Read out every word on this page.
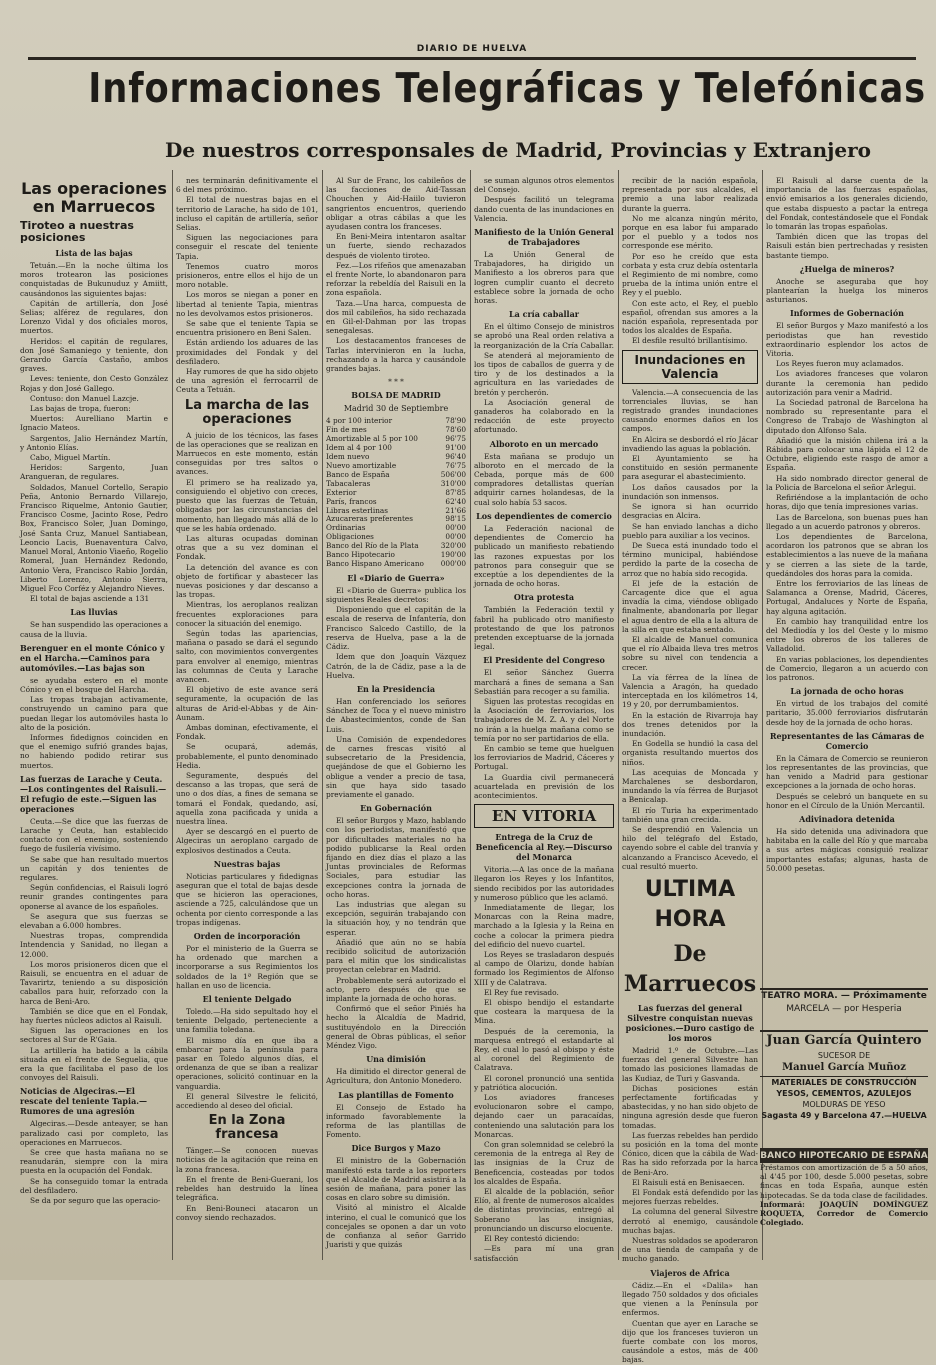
DIARIO DE HUELVA
Informaciones Telegráficas y Telefónicas
De nuestros corresponsales de Madrid, Provincias y Extranjero
Las operaciones en Marruecos
Tiroteo a nuestras posiciones
Lista de las bajas

Tetuán.—En la noche última los moros trotearon las posiciones conquistadas de Bukunuduz y Amiitt, causándonos las siguientes bajas:

Capitán de artillería, don José Selias; alférez de regulares, don Lorenzo Vidal y dos oficiales moros, muertos.

Heridos: el capitán de regulares, don José Samaniego y teniente, don Gerardo García Castaño, ambos graves.

Leves: teniente, don Cesto González Rojas y don José Gallego.

Contuso: don Manuel Lazcje.

Las bajas de tropa, fueron:

Muertos: Aurelliano Martin e Ignacio Mateos.

Sargentos, Jalio Hernández Martín, y Antonio Elías.

Cabo, Miguel Martín.

Heridos: Sargento, Juan Arangueran, de regulares.

Soldados, Manuel Cortello, Serapio Peña, Antonio Bernardo Villarejo, Francisco Riquelme, Antonio Gautier, Francisco Cosme, Jacinto Rose, Pedro Box, Francisco Soler, Juan Domingo, José Santa Cruz, Manuel Santiabean, Leoncio Lacis, Buenaventura Calvo, Manuel Moral, Antonio Viaeño, Rogelio Romeral, Juan Hernández Redondo, Antonio Vera, Francisco Rabio Jordán, Liberto Lorenzo, Antonio Sierra, Miguel Fco Corféz y Alejandro Nieves.

El total de bajas asciende a 131

Las lluvias

Se han suspendido las operaciones a causa de la lluvia.

Berenguer en el monte Cónico y en el Harcha.—Caminos para automóviles.—Las bajas son

se ayudaba estero en el monte Cónico y en el bosque del Harcha.

Las tropas trabajan activamente, construyendo un camino para que puedan llegar los automóviles hasta lo alto de la posición.

Informes fidedignos coinciden en que el enemigo sufrió grandes bajas, no habiendo podido retirar sus muertos.

Las fuerzas de Larache y Ceuta.—Los contingentes del Raisuli.—El refugio de este.—Siguen las operaciones

Ceuta.—Se dice que las fuerzas de Larache y Ceuta, han establecido contacto con el enemigo, sosteniendo fuego de fusilería vivísimo.

Se sabe que han resultado muertos un capitán y dos tenientes de regulares.

Según confidencias, el Raisuli logró reunir grandes contingentes para oponerse al avance de los españoles.

Se asegura que sus fuerzas se elevaban a 6.000 hombres.

Nuestras tropas, comprendida Intendencia y Sanidad, no llegan a 12.000.

Los moros prisioneros dicen que el Raisuli, se encuentra en el aduar de Tavarirtz, teniendo a su disposición caballos para huir, reforzado con la harca de Beni-Aro.

También se dice que en el Fondak, hay fuertes núcleos adictos al Raisuli.

Siguen las operaciones en los sectores al Sur de R'Gaia.

La artillería ha batido a la cábila situada en el frente de Seguelia, que era la que facilitaba el paso de los convoyes del Raisuli.

Noticias de Algeciras.—El rescate del teniente Tapia.—Rumores de una agresión

Algeciras.—Desde anteayer, se han paralizado casi por completo, las operaciones en Marruecos.

Se cree que hasta mañana no se reanudarán, siempre con la mira puesta en la ocupación del Fondak.

Se ha conseguido tomar la entrada del desfiladero.

Se da por seguro que las operacio-

nes terminarán definitivamente el 6 del mes próximo.

El total de nuestras bajas en el territorio de Larache, ha sido de 101, incluso el capitán de artillería, señor Selias.

Siguen las negociaciones para conseguir el rescate del teniente Tapia.

Tenemos cuatro moros prisioneros, entre ellos el hijo de un moro notable.

Los moros se niegan a poner en libertad al teniente Tapia, mientras no les devolvamos estos prisioneros.

Se sabe que el teniente Tapia se encuentra prisionero en Beni Salen.

Están ardiendo los aduares de las proximidades del Fondak y del desfiladero.

Hay rumores de que ha sido objeto de una agresión el ferrocarril de Ceuta a Tetuán.

La marcha de las operaciones

A juicio de los técnicos, las fases de las operaciones que se realizan en Marruecos en este momento, están conseguidas por tres saltos o avances.

El primero se ha realizado ya, consiguiendo el objetivo con creces, puesto que las fuerzas de Tetuán, obligadas por las circunstancias del momento, han llegado más allá de lo que se les había ordenado.

Las alturas ocupadas dominan otras que a su vez dominan el Fondak.

La detención del avance es con objeto de fortificar y abastecer las nuevas posiciones y dar descanso a las tropas.

Mientras, los aeroplanos realizan frecuentes exploraciones para conocer la situación del enemigo.

Según todas las apariencias, mañana o pasado se dará el segundo salto, con movimientos convergentes para envolver al enemigo, mientras las columnas de Ceuta y Larache avancen.

El objetivo de este avance será seguramente, la ocupación de las alturas de Arid-el-Abbas y de Ain-Aunam.

Ambas dominan, efectivamente, el Fondak.

Se ocupará, además, probablemente, el punto denominado Hedia.

Seguramente, después del descanso a las tropas, que será de uno o dos días, a fines de semana se tomará el Fondak, quedando, así, aquella zona pacificada y unida a nuestra línea.

Ayer se descargó en el puerto de Algeciras un aeroplano cargado de explosivos destinados a Ceuta.

Nuestras bajas

Noticias particulares y fidedignas aseguran que el total de bajas desde que se hicieron las operaciones, asciende a 725, calculándose que un ochenta por ciento corresponde a las tropas indígenas.

Orden de incorporación

Por el ministerio de la Guerra se ha ordenado que marchen a incorporarse a sus Regimientos los soldados de la 1ª Región que se hallan en uso de licencia.

El teniente Delgado

Toledo.—Ha sido sepultado hoy el teniente Delgado, perteneciente a una familia toledana.

El mismo día en que iba a embarcar para la península para pasar en Toledo algunos días, el ordenanza de que se iban a realizar operaciones, solicitó continuar en la vanguardia.

El general Silvestre le felicitó, accediendo al deseo del oficial.

En la Zona francesa

Tánger.—Se conocen nuevas noticias de la agitación que reina en la zona francesa.

En el frente de Beni-Guerani, los rebeldes han destruido la línea telegráfica.

En Beni-Bouneci atacaron un convoy siendo rechazados.

Al Sur de Franc, los cabileños de las facciones de Aid-Tassan Chouchen y Aid-Haiilo tuvieron sangrientos encuentros, queriendo obligar a otras cábilas a que les ayudasen contra los franceses.

En Beni-Meira intentaron asaltar un fuerte, siendo rechazados después de violento tiroteo.

Fez.—Los rifeños que amenazaban el frente Norte, lo abandonaron para reforzar la rebeldía del Raisuli en la zona española.

Taza.—Una harca, compuesta de dos mil cabileños, ha sido rechazada en Gil-el-Dahman por las tropas senegalesas.

Los destacamentos franceses de Tarlas intervinieron en la lucha, rechazando a la harca y causándole grandes bajas.

* * *
BOLSA DE MADRID
Madrid 30 de Septiembre
4 por 100 interior	78'90
Fin de mes	78'60
Amortizable al 5 por 100	96'75
Idem al 4 por 100	91'00
Idem nuevo	96'40
Nuevo amortizable	76'75
Banco de España	506'00
Tabacaleras	310'00
Exterior	87'85
París, francos	62'40
Libras esterlinas	21'66
Azucareras preferentes	98'15
Ordinarias	00'00
Obligaciones	00'00
Banco del Río de la Plata	320'00
Banco Hipotecario	190'00
Banco Hispano Americano 000'00
El «Diario de Guerra»

El «Diario de Guerra» publica los siguientes Reales decretos:

Disponiendo que el capitán de la escala de reserva de Infantería, don Francisco Salcedo Castillo, de la reserva de Huelva, pase a la de Cádiz.

Idem que don Joaquín Vázquez Catrón, de la de Cádiz, pase a la de Huelva.

En la Presidencia

Han conferenciado los señores Sánchez de Toca y el nuevo ministro de Abastecimientos, conde de San Luis.

Una Comisión de expendedores de carnes frescas visitó al subsecretario de la Presidencia, quejándose de que el Gobierno les obligue a vender a precio de tasa, sin que haya sido tasado previamente el ganado.

En Gobernación

El señor Burgos y Mazo, hablando con los periodistas, manifestó que por dificultades materiales no ha podido publicarse la Real orden fijando en diez días el plazo a las Juntas provinciales de Reformas Sociales, para estudiar las excepciones contra la jornada de ocho horas.

Las industrias que alegan su excepción, seguirán trabajando con la situación hoy, y no tendrán que esperar.

Añadió que aún no se había recibido solicitud de autorización para el mitin que los sindicalistas proyectan celebrar en Madrid.

Probablemente será autorizado el acto, pero después de que se implante la jornada de ocho horas.

Confirmó que el señor Piniés ha hecho la Alcaldía de Madrid, sustituyéndolo en la Dirección general de Obras públicas, el señor Méndez Vigo.

Una dimisión

Ha dimitido el director general de Agricultura, don Antonio Monedero.

Las plantillas de Fomento

El Consejo de Estado ha informado favorablemente la reforma de las plantillas de Fomento.

Dice Burgos y Mazo

El ministro de la Gobernación manifestó esta tarde a los reporters que el Alcalde de Madrid asistirá a la sesión de mañana, para poner las cosas en claro sobre su dimisión.

Visitó al ministro el Alcalde interino, el cual le comunicó que los concejales se oponen a dar un voto de confianza al señor Garrido Juaristi y que quizás

se suman algunos otros elementos del Consejo.

Después facilitó un telegrama dando cuenta de las inundaciones en Valencia.

Manifiesto de la Unión General de Trabajadores

La Unión General de Trabajadores, ha dirigido un Manifiesto a los obreros para que logren cumplir cuanto el decreto establece sobre la jornada de ocho horas.

La cría caballar

En el último Consejo de ministros se aprobó una Real orden relativa a la reorganización de la Cría Caballar.

Se atenderá al mejoramiento de los tipos de caballos de guerra y de tiro y de los destinados a la agricultura en las variedades de bretón y percherón.

La Asociación general de ganaderos ha colaborado en la redacción de este proyecto afortunado.

Alboroto en un mercado

Esta mañana se produjo un alboroto en el mercado de la Cebada, porque más de 600 compradores detallistas querían adquirir carnes holandesas, de la cual solo había 53 sacos.

Los dependientes de comercio

La Federación nacional de dependientes de Comercio ha publicado un manifiesto rebatiendo las razones expuestas por los patronos para conseguir que se exceptúe a los dependientes de la jornada de ocho horas.

Otra protesta

También la Federación textil y fabril ha publicado otro manifiesto protestando de que los patronos pretenden exceptuarse de la jornada legal.

El Presidente del Congreso

El señor Sánchez Guerra marchará a fines de semana a San Sebastián para recoger a su familia.

Siguen las protestas recogidas en la Asociación de ferroviarios, los trabajadores de M. Z. A. y del Norte no irán a la huelga mañana como se temía por no ser partidarios de ella.

En cambio se teme que huelguen los ferroviarios de Madrid, Cáceres y Portugal.

La Guardia civil permanecerá acuartelada en previsión de los acontecimientos.

EN VITORIA
Entrega de la Cruz de Beneficencia al Rey.—Discurso del Monarca

Vitoria.—A las once de la mañana llegaron los Reyes y los Infantitos, siendo recibidos por las autoridades y numeroso público que les aclamó.

Inmediatamente de llegar, los Monarcas con la Reina madre, marchado a la Iglesia y la Reina en coche a colocar la primera piedra del edificio del nuevo cuartel.

Los Reyes se trasladaron después al campo de Olarizu, donde habían formado los Regimientos de Alfonso XIII y de Calatrava.

El Rey fue revisado.

El obispo bendijo el estandarte que costeara la marquesa de la Mina.

Después de la ceremonia, la marquesa entregó el estandarte al Rey, el cual lo pasó al obispo y éste al coronel del Regimiento de Calatrava.

El coronel pronunció una sentida y patriótica alocución.

Los aviadores franceses evolucionaron sobre el campo, dejando caer un paracaídas, conteniendo una salutación para los Monarcas.

Con gran solemnidad se celebró la ceremonia de la entrega al Rey de las insignias de la Cruz de Beneficencia, costeadas por todos los alcaldes de España.

El alcalde de la población, señor Elío, al frente de numerosos alcaldes de distintas provincias, entregó al Soberano las insignias, pronunciando un discurso elocuente.

El Rey contestó diciendo:

—Es para mí una gran satisfacción

recibir de la nación española, representada por sus alcaldes, el premio a una labor realizada durante la guerra.

No me alcanza ningún mérito, porque en esa labor fui amparado por el pueblo y a todos nos corresponde ese mérito.

Por eso he creído que esta corbata y esta cruz debía ostentarla el Regimiento de mi nombre, como prueba de la íntima unión entre el Rey y el pueblo.

Con este acto, el Rey, el pueblo español, ofrendan sus amores a la nación española, representada por todos los alcaldes de España.

El desfile resultó brillantísimo.

Inundaciones en Valencia

Valencia.—A consecuencia de las torrenciales lluvias, se han registrado grandes inundaciones causando enormes daños en los campos.

En Alcira se desbordó el río Jácar invadiendo las aguas la población.

El Ayuntamiento se ha constituido en sesión permanente para asegurar el abastecimiento.

Los daños causados por la inundación son inmensos.

Se ignora si han ocurrido desgracias en Alcira.

Se han enviado lanchas a dicho pueblo para auxiliar a los vecinos.

De Sueca está inundado todo el término municipal, habiéndose perdido la parte de la cosecha de arroz que no había sido recogida.

El jefe de la estación de Carcagente dice que el agua invadía la cima, viéndose obligado finalmente, abandonarla por llegar el agua dentro de ella a la altura de la silla en que estaba sentado.

El alcalde de Manuel comunica que el río Albaida lleva tres metros sobre su nivel con tendencia a crecer.

La vía férrea de la línea de Valencia a Aragón, ha quedado interceptada en los kilómetros 14, 19 y 20, por derrumbamientos.

En la estación de Rivarroja hay dos trenes detenidos por la inundación.

En Godella se hundió la casa del organista resultando muertos dos niños.

Las acequias de Moncada y Marchalenes se desbordaron, inundando la vía férrea de Burjasot a Benicalap.

El río Turia ha experimentado también una gran crecida.

Se desprendió en Valencia un hilo del telégrafo del Estado, cayendo sobre el cable del tranvía y alcanzando a Francisco Acevedo, el cual resultó muerto.

ULTIMA HORA
De Marruecos
Las fuerzas del general Silvestre conquistan nuevas posiciones.—Duro castigo de los moros

Madrid 1.º de Octubre.—Las fuerzas del general Silvestre han tomado las posiciones llamadas de las Kudiaz, de Turi y Gasvanda.

Dichas posiciones están perfectamente fortificadas y abastecidas, y no han sido objeto de ninguna agresión desde que fueron tomadas.

Las fuerzas rebeldes han perdido su posición en la toma del monte Cónico, dicen que la cábila de Wad-Ras ha sido reforzada por la harca de Beni-Aro.

El Raisuli está en Benisaecen.

El Fondak está defendido por las mejores fuerzas rebeldes.

La columna del general Silvestre derrotó al enemigo, causándole muchas bajas.

Nuestras soldados se apoderaron de una tienda de campaña y de mucho ganado.

Viajeros de Africa

Cádiz.—En el «Dalila» han llegado 750 soldados y dos oficiales que vienen a la Península por enfermos.

Cuentan que ayer en Larache se dijo que los franceses tuvieron un fuerte combate con los moros, causándole a estos, más de 400 bajas.

El Raisuli al darse cuenta de la importancia de las fuerzas españolas, envió emisarios a los generales diciendo, que estaba dispuesto a pactar la entrega del Fondak, contestándosele que el Fondak lo tomarán las tropas españolas.

También dicen que las tropas del Raisuli están bien pertrechadas y resisten bastante tiempo.

¿Huelga de mineros?

Anoche se aseguraba que hoy plantearían la huelga los mineros asturianos.

Informes de Gobernación

El señor Burgos y Mazo manifestó a los periodistas que han revestido extraordinario esplendor los actos de Vitoria.

Los Reyes fueron muy aclamados.

Los aviadores franceses que volaron durante la ceremonia han pedido autorización para venir a Madrid.

La Sociedad patronal de Barcelona ha nombrado su representante para el Congreso de Trabajo de Washington al diputado don Alfonso Sala.

Añadió que la misión chilena irá a la Rábida para colocar una lápida el 12 de Octubre, eligiendo este rasgo de amor a España.

Ha sido nombrado director general de la Policía de Barcelona el señor Arlegui.

Refiriéndose a la implantación de ocho horas, dijo que tenía impresiones varias.

Las de Barcelona, son buenas pues han llegado a un acuerdo patronos y obreros.

Los dependientes de Barcelona, acordaron los patronos que se abran los establecimientos a las nueve de la mañana y se cierren a las siete de la tarde, quedándoles dos horas para la comida.

Entre los ferroviarios de las líneas de Salamanca a Orense, Madrid, Cáceres, Portugal, Andaluces y Norte de España, hay alguna agitación.

En cambio hay tranquilidad entre los del Mediodía y los del Oeste y lo mismo entre los obreros de los talleres de Valladolid.

En varias poblaciones, los dependientes de Comercio, llegaron a un acuerdo con los patronos.

La jornada de ocho horas

En virtud de los trabajos del comité paritario, 35.000 ferroviarios disfrutarán desde hoy de la jornada de ocho horas.

Representantes de las Cámaras de Comercio

En la Cámara de Comercio se reunieron los representantes de las provincias, que han venido a Madrid para gestionar excepciones a la jornada de ocho horas.

Después se celebró un banquete en su honor en el Círculo de la Unión Mercantil.

Adivinadora detenida

Ha sido detenida una adivinadora que habitaba en la calle del Río y que marcaba a sus artes mágicas consiguió realizar importantes estafas; algunas, hasta de 50.000 pesetas.

TEATRO MORA. — Próximamente
MARCELA — por Hesperia
Juan García Quintero
SUCESOR DE
Manuel García Muñoz
MATERIALES DE CONSTRUCCIÓN
YESOS, CEMENTOS, AZULEJOS
MOLDURAS DE YESO
Sagasta 49 y Barcelona 47.—HUELVA
BANCO HIPOTECARIO DE ESPAÑA
Préstamos con amortización de 5 a 50 años, al 4'45 por 100, desde 5.000 pesetas, sobre fincas en toda España, aunque estén hipotecadas. Se da toda clase de facilidades.
Informará: JOAQUÍN DOMÍNGUEZ ROQUETA, Corredor de Comercio Colegiado.
